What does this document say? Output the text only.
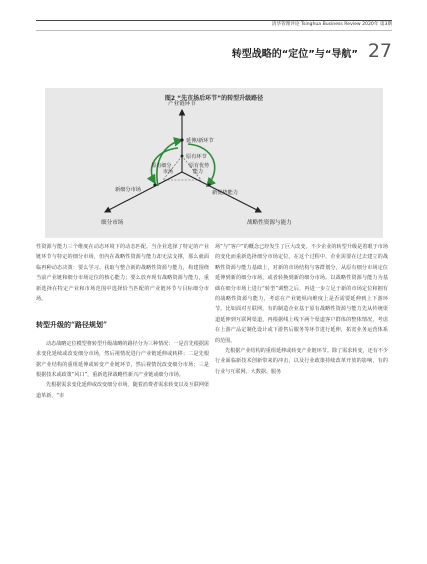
清华管理评论 Tsinghua Business Review 2020年 第3期
转型战略的“定位”与“导航” 27
图2 “先市场后环节”的转型升级路径
产业链环节
延伸/新环节
原有环节
原有细分 市场
原有优势 能力
新细分市场	新优势能力
细分市场	战略性资源与能力

性资源与能力三个维度在动态环境下的动态匹配。当企业选择了特定的产业链环节与特定的细分市场，但内在战略性资源与能力却无法支撑，那么就面临再种动态决策：要么学习、获取与整合新的战略性资源与能力，构建围绕当前产业链和细分市场定位的核心能力；要么放弃现有战略资源与能力，重新选择在特定产业和市场范围中选择恰当匹配的产业链环节与目标细分市场。

转型升级的“路径规划”

动态战略定位模型将转型升级战略的路径分为三种情况：一是首先根据需求变化延续或改变细分市场，然后视情况进行产业链延伸或转移；二是先根据产业结构的重组延伸或转变产业链环节，然后视情况改变细分市场；三是根据技术或政策“风口”，重新选择战略性新兴产业链或细分市场。

先根据需求变化延伸或改变细分市场。随着消费者需求转变以及互联网渠道革新，“市

场”与“客户”的概念已经发生了巨大改变。不少企业的转型升级是着眼于市场的变化而重新选择细分市场定位。在这个过程中，企业需要在过去建立的战略性资源与能力基础上，对新的市场结构与客群划分，从原有细分市场定位延伸到新的细分市场，或者转换到新的细分市场。以战略性资源与能力为基础在细分市场上进行“转型”调整之后，再进一步立足于新的市场定位和拥有的战略性资源与能力，考虑在产业链纵向维度上是否需要延伸到上下游环节。比如面对互联网，有的制造企业基于原有战略性资源与能力先从传统渠道延伸到互联网渠道，再根据线上线下两个渠道客户群体的整体情况，考虑在上游产品定制化设计或下游售后服务等环节进行延伸，拓宽业务运营体系的范围。

先根据产业结构的重组延伸或转变产业链环节。除了需求转变，还有不少行业面临新技术创新带来的冲击，以及行业政策持续改革开放的影响，有的行业与互联网、大数据、服务
